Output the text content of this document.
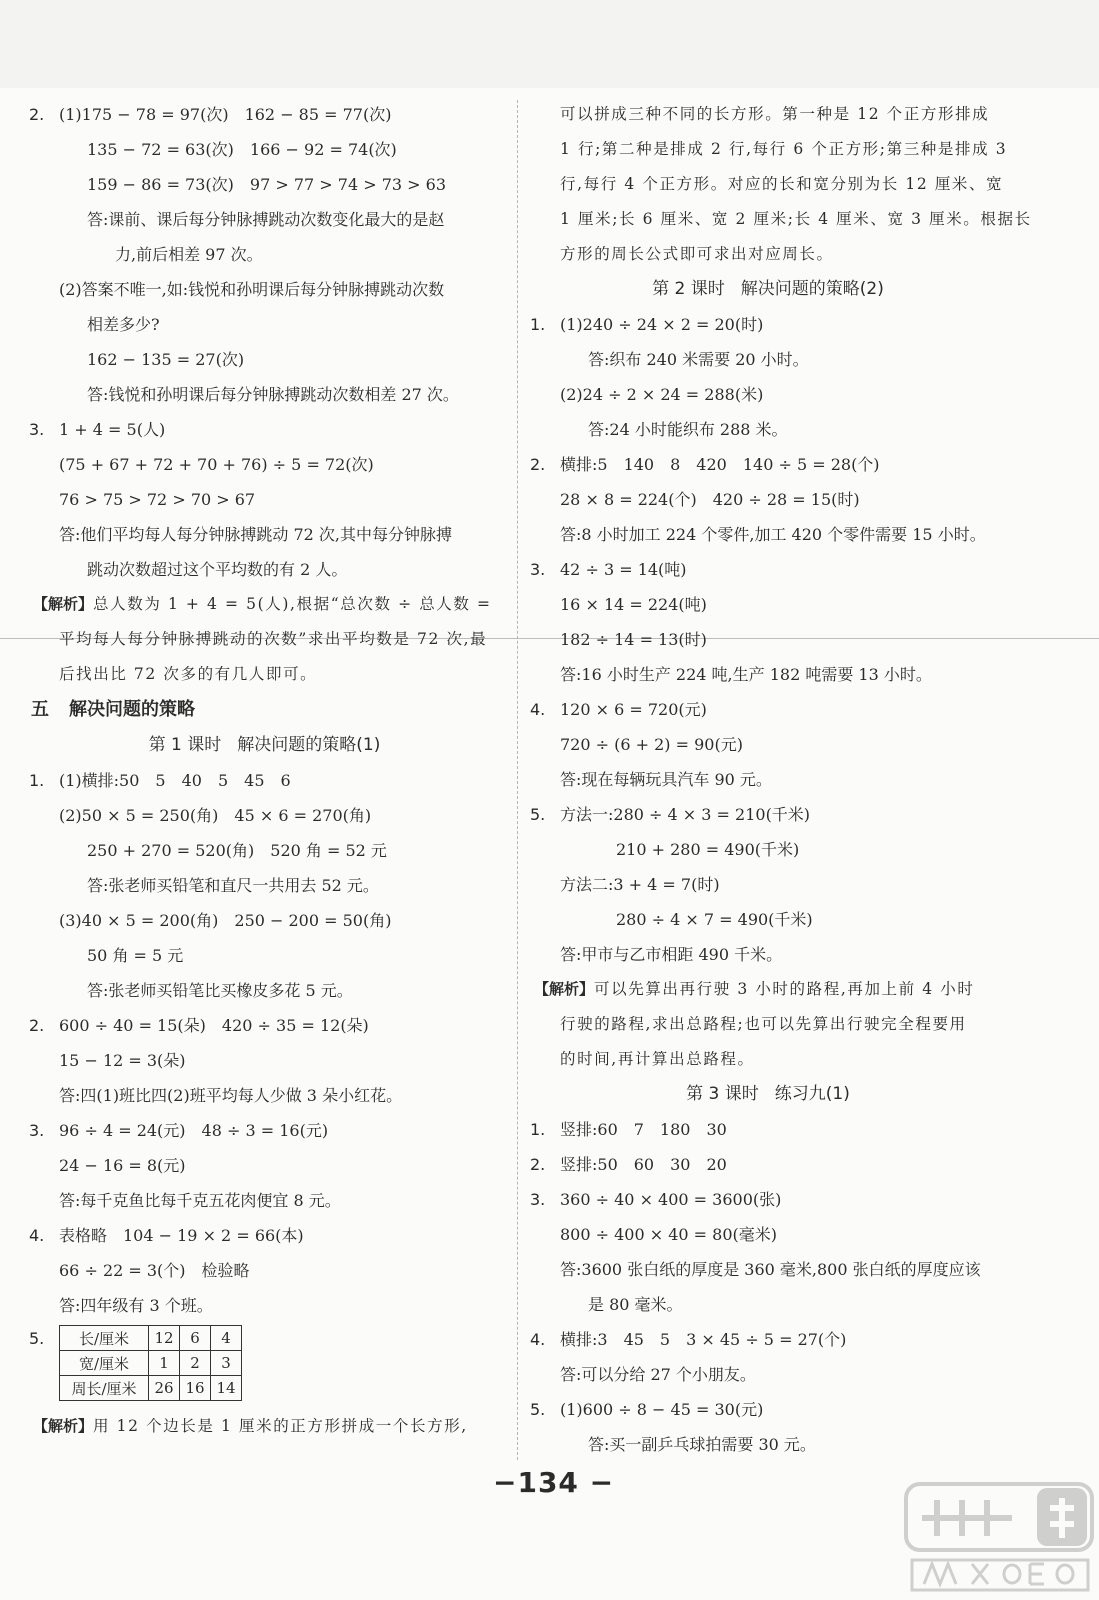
2. (1)175 − 78 = 97(次)　162 − 85 = 77(次)
135 − 72 = 63(次)　166 − 92 = 74(次)
159 − 86 = 73(次)　97 > 77 > 74 > 73 > 63
答:课前、课后每分钟脉搏跳动次数变化最大的是赵
力,前后相差 97 次。
(2)答案不唯一,如:钱悦和孙明课后每分钟脉搏跳动次数
相差多少?
162 − 135 = 27(次)
答:钱悦和孙明课后每分钟脉搏跳动次数相差 27 次。
3. 1 + 4 = 5(人)
(75 + 67 + 72 + 70 + 76) ÷ 5 = 72(次)
76 > 75 > 72 > 70 > 67
答:他们平均每人每分钟脉搏跳动 72 次,其中每分钟脉搏
跳动次数超过这个平均数的有 2 人。
【解析】总人数为 1 + 4 = 5(人),根据“总次数 ÷ 总人数 =
平均每人每分钟脉搏跳动的次数”求出平均数是 72 次,最
后找出比 72 次多的有几人即可。
五 解决问题的策略
第 1 课时 解决问题的策略(1)
1. (1)横排:50　5　40　5　45　6
(2)50 × 5 = 250(角)　45 × 6 = 270(角)
250 + 270 = 520(角)　520 角 = 52 元
答:张老师买铅笔和直尺一共用去 52 元。
(3)40 × 5 = 200(角)　250 − 200 = 50(角)
50 角 = 5 元
答:张老师买铅笔比买橡皮多花 5 元。
2. 600 ÷ 40 = 15(朵)　420 ÷ 35 = 12(朵)
15 − 12 = 3(朵)
答:四(1)班比四(2)班平均每人少做 3 朵小红花。
3. 96 ÷ 4 = 24(元)　48 ÷ 3 = 16(元)
24 − 16 = 8(元)
答:每千克鱼比每千克五花肉便宜 8 元。
4. 表格略　104 − 19 × 2 = 66(本)
66 ÷ 22 = 3(个)　检验略
答:四年级有 3 个班。
5. 长/厘米	12	6	4
宽/厘米	1	2	3
周长/厘米	26	16	14
【解析】用 12 个边长是 1 厘米的正方形拼成一个长方形,
可以拼成三种不同的长方形。第一种是 12 个正方形排成
1 行;第二种是排成 2 行,每行 6 个正方形;第三种是排成 3
行,每行 4 个正方形。对应的长和宽分别为长 12 厘米、宽
1 厘米;长 6 厘米、宽 2 厘米;长 4 厘米、宽 3 厘米。根据长
方形的周长公式即可求出对应周长。
第 2 课时 解决问题的策略(2)
1. (1)240 ÷ 24 × 2 = 20(时)
答:织布 240 米需要 20 小时。
(2)24 ÷ 2 × 24 = 288(米)
答:24 小时能织布 288 米。
2. 横排:5　140　8　420　140 ÷ 5 = 28(个)
28 × 8 = 224(个)　420 ÷ 28 = 15(时)
答:8 小时加工 224 个零件,加工 420 个零件需要 15 小时。
3. 42 ÷ 3 = 14(吨)
16 × 14 = 224(吨)
182 ÷ 14 = 13(时)
答:16 小时生产 224 吨,生产 182 吨需要 13 小时。
4. 120 × 6 = 720(元)
720 ÷ (6 + 2) = 90(元)
答:现在每辆玩具汽车 90 元。
5. 方法一:280 ÷ 4 × 3 = 210(千米)
210 + 280 = 490(千米)
方法二:3 + 4 = 7(时)
280 ÷ 4 × 7 = 490(千米)
答:甲市与乙市相距 490 千米。
【解析】可以先算出再行驶 3 小时的路程,再加上前 4 小时
行驶的路程,求出总路程;也可以先算出行驶完全程要用
的时间,再计算出总路程。
第 3 课时 练习九(1)
1. 竖排:60　7　180　30
2. 竖排:50　60　30　20
3. 360 ÷ 40 × 400 = 3600(张)
800 ÷ 400 × 40 = 80(毫米)
答:3600 张白纸的厚度是 360 毫米,800 张白纸的厚度应该
是 80 毫米。
4. 横排:3　45　5　3 × 45 ÷ 5 = 27(个)
答:可以分给 27 个小朋友。
5. (1)600 ÷ 8 − 45 = 30(元)
答:买一副乒乓球拍需要 30 元。
−134 −
